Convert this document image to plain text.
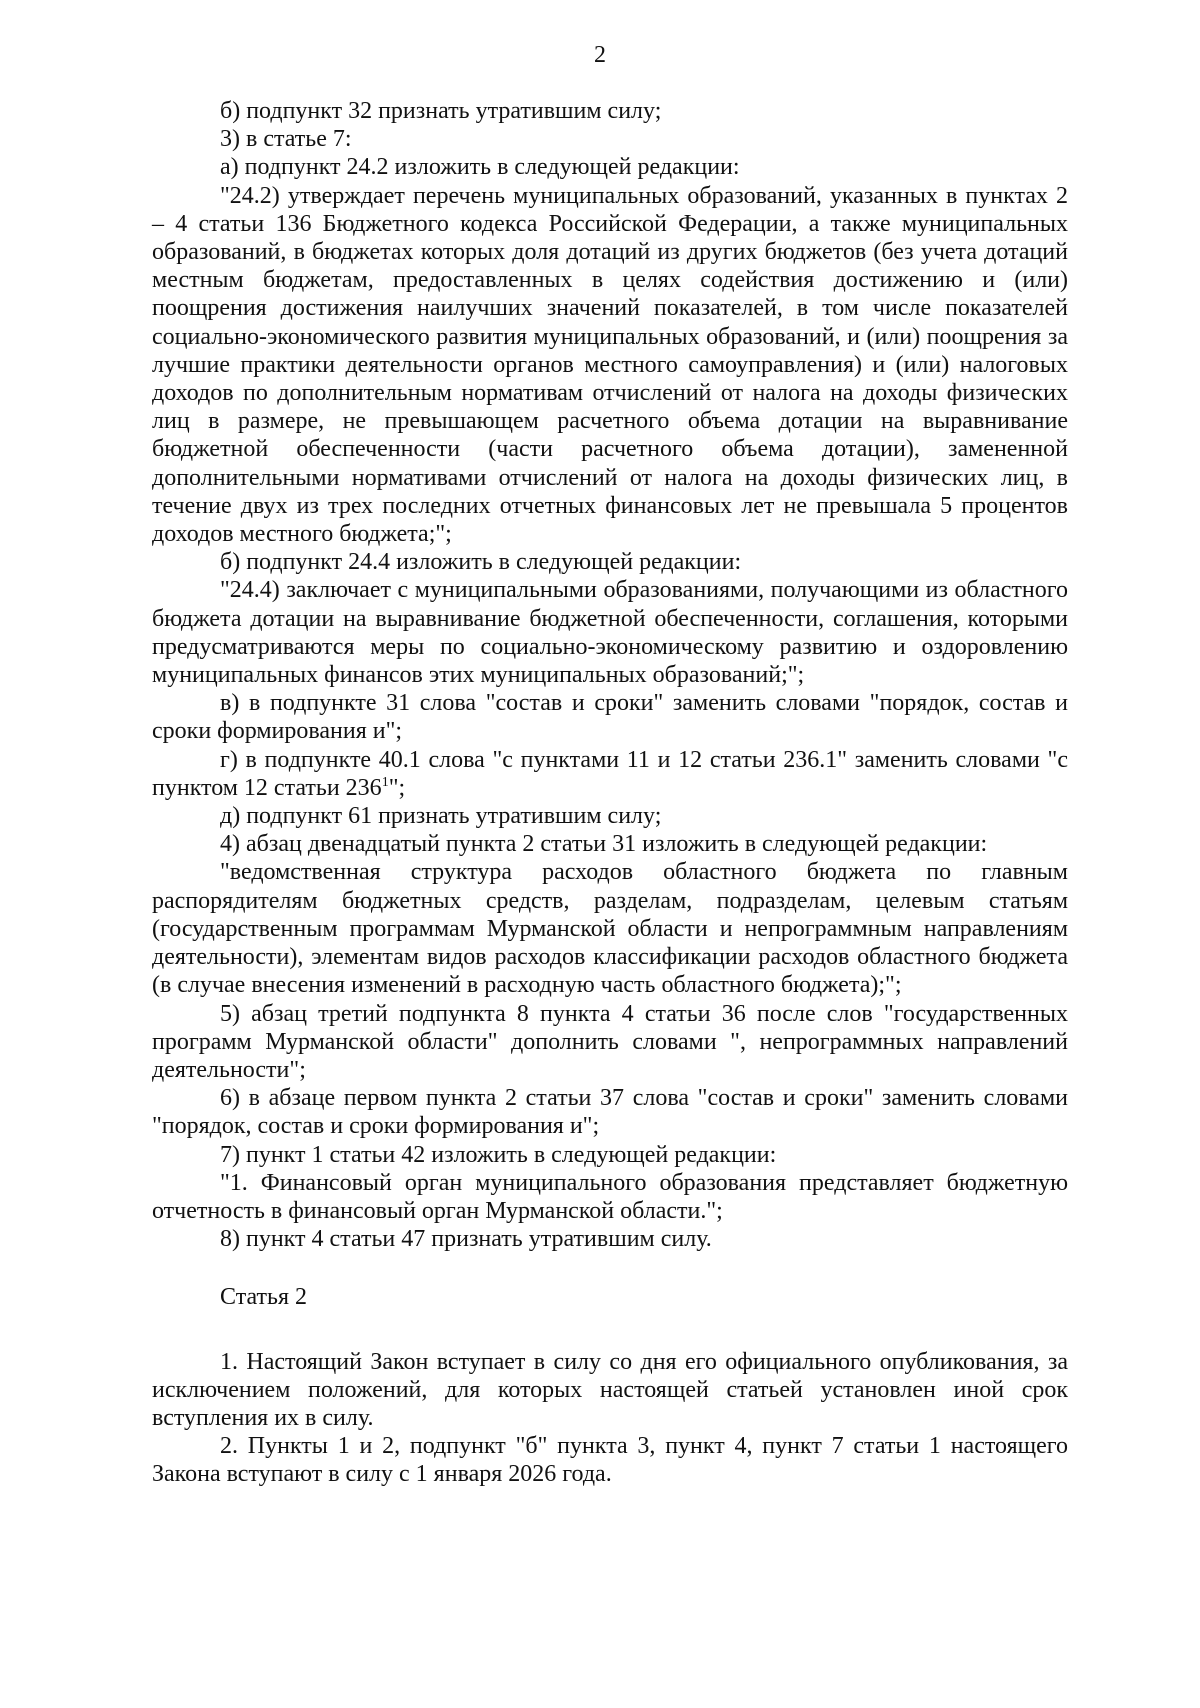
2

б) подпункт 32 признать утратившим силу;

3) в статье 7:

а) подпункт 24.2 изложить в следующей редакции:

"24.2) утверждает перечень муниципальных образований, указанных в пунктах 2 – 4 статьи 136 Бюджетного кодекса Российской Федерации, а также муниципальных образований, в бюджетах которых доля дотаций из других бюджетов (без учета дотаций местным бюджетам, предоставленных в целях содействия достижению и (или) поощрения достижения наилучших значений показателей, в том числе показателей социально-экономического развития муниципальных образований, и (или) поощрения за лучшие практики деятельности органов местного самоуправления) и (или) налоговых доходов по дополнительным нормативам отчислений от налога на доходы физических лиц в размере, не превышающем расчетного объема дотации на выравнивание бюджетной обеспеченности (части расчетного объема дотации), замененной дополнительными нормативами отчислений от налога на доходы физических лиц, в течение двух из трех последних отчетных финансовых лет не превышала 5 процентов доходов местного бюджета;";

б) подпункт 24.4 изложить в следующей редакции:

"24.4) заключает с муниципальными образованиями, получающими из областного бюджета дотации на выравнивание бюджетной обеспеченности, соглашения, которыми предусматриваются меры по социально-экономическому развитию и оздоровлению муниципальных финансов этих муниципальных образований;";

в) в подпункте 31 слова "состав и сроки" заменить словами "порядок, состав и сроки формирования и";

г) в подпункте 40.1 слова "с пунктами 11 и 12 статьи 236.1" заменить словами "с пунктом 12 статьи $236^1$";

д) подпункт 61 признать утратившим силу;

4) абзац двенадцатый пункта 2 статьи 31 изложить в следующей редакции:

"ведомственная структура расходов областного бюджета по главным распорядителям бюджетных средств, разделам, подразделам, целевым статьям (государственным программам Мурманской области и непрограммным направлениям деятельности), элементам видов расходов классификации расходов областного бюджета (в случае внесения изменений в расходную часть областного бюджета);";

5) абзац третий подпункта 8 пункта 4 статьи 36 после слов "государственных программ Мурманской области" дополнить словами ", непрограммных направлений деятельности";

6) в абзаце первом пункта 2 статьи 37 слова "состав и сроки" заменить словами "порядок, состав и сроки формирования и";

7) пункт 1 статьи 42 изложить в следующей редакции:

"1. Финансовый орган муниципального образования представляет бюджетную отчетность в финансовый орган Мурманской области.";

8) пункт 4 статьи 47 признать утратившим силу.

Статья 2

1. Настоящий Закон вступает в силу со дня его официального опубликования, за исключением положений, для которых настоящей статьей установлен иной срок вступления их в силу.

2. Пункты 1 и 2, подпункт "б" пункта 3, пункт 4, пункт 7 статьи 1 настоящего Закона вступают в силу с 1 января 2026 года.
